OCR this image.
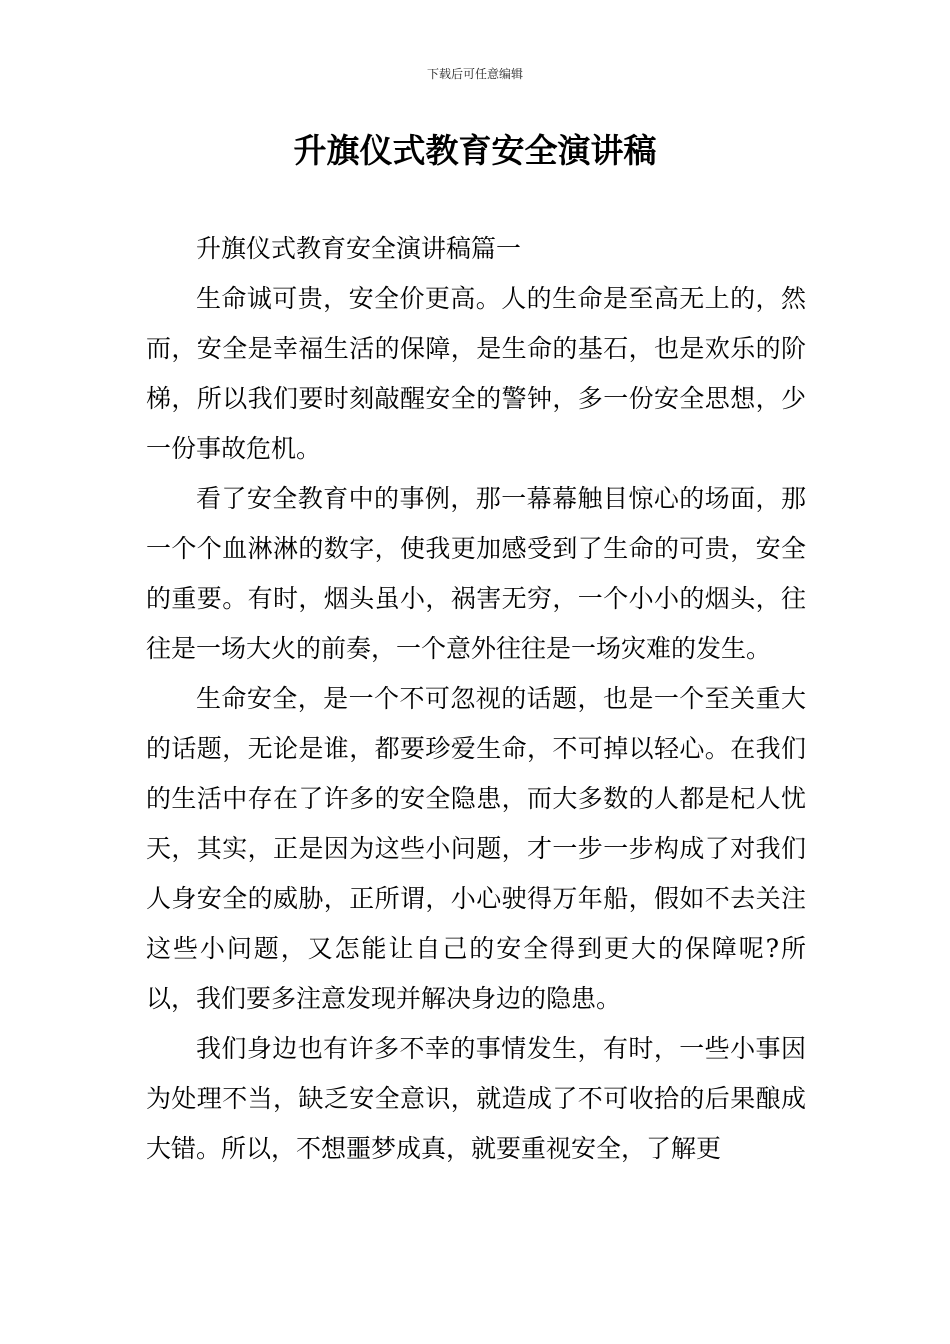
下载后可任意编辑
升旗仪式教育安全演讲稿

升旗仪式教育安全演讲稿篇一

生命诚可贵，安全价更高。人的生命是至高无上的，然而，安全是幸福生活的保障，是生命的基石，也是欢乐的阶梯，所以我们要时刻敲醒安全的警钟，多一份安全思想，少一份事故危机。

看了安全教育中的事例，那一幕幕触目惊心的场面，那一个个血淋淋的数字，使我更加感受到了生命的可贵，安全的重要。有时，烟头虽小，祸害无穷，一个小小的烟头，往往是一场大火的前奏，一个意外往往是一场灾难的发生。

生命安全，是一个不可忽视的话题，也是一个至关重大的话题，无论是谁，都要珍爱生命，不可掉以轻心。在我们的生活中存在了许多的安全隐患，而大多数的人都是杞人忧天，其实，正是因为这些小问题，才一步一步构成了对我们人身安全的威胁，正所谓，小心驶得万年船，假如不去关注这些小问题，又怎能让自己的安全得到更大的保障呢?所以，我们要多注意发现并解决身边的隐患。

我们身边也有许多不幸的事情发生，有时，一些小事因为处理不当，缺乏安全意识，就造成了不可收拾的后果酿成大错。所以，不想噩梦成真，就要重视安全，了解更
